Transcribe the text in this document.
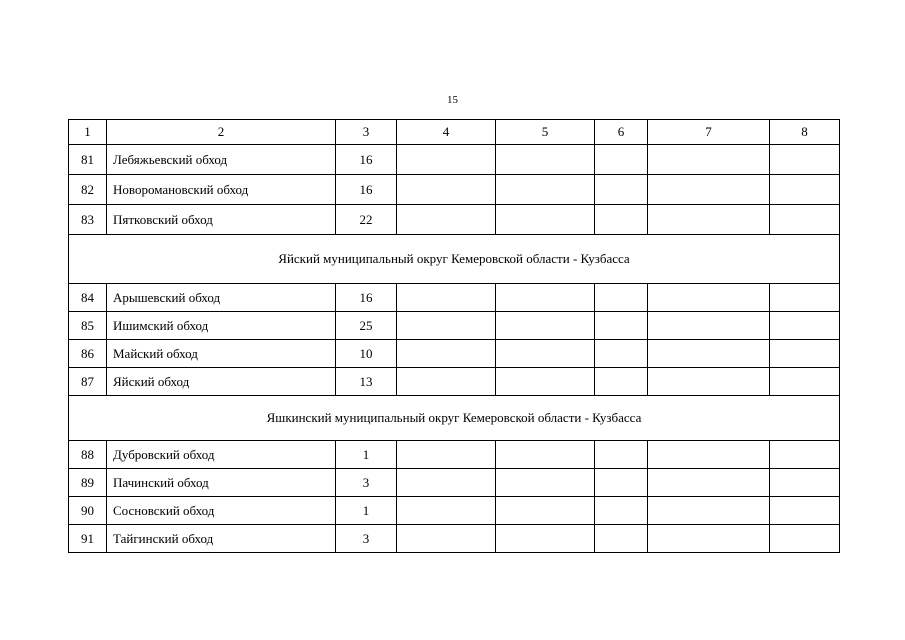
15
1	2	3	4	5	6	7	8
81	Лебяжьевский обход	16					
82	Новоромановский обход	16					
83	Пятковский обход	22					
Яйский муниципальный округ Кемеровской области - Кузбасса							
84	Арышевский обход	16					
85	Ишимский обход	25					
86	Майский обход	10					
87	Яйский обход	13					
Яшкинский муниципальный округ Кемеровской области - Кузбасса							
88	Дубровский обход	1					
89	Пачинский обход	3					
90	Сосновский обход	1					
91	Тайгинский обход	3					
